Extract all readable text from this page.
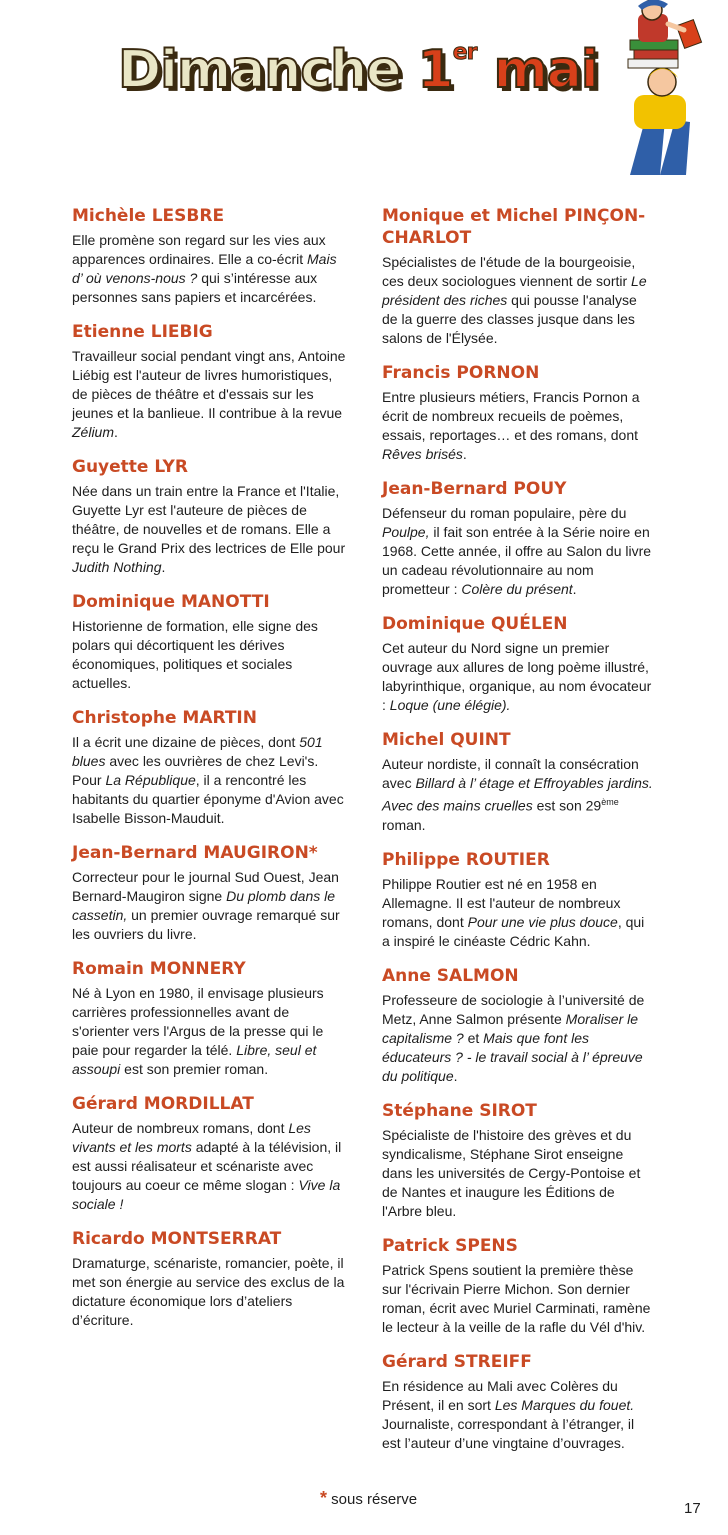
Dimanche 1er mai
Michèle LESBRE

Elle promène son regard sur les vies aux apparences ordinaires. Elle a co-écrit Mais d’ où venons-nous ? qui s’intéresse aux personnes sans papiers et incarcérées.

Etienne LIEBIG

Travailleur social pendant vingt ans, Antoine Liébig est l'auteur de livres humoristiques, de pièces de théâtre et d'essais sur les jeunes et la banlieue. Il contribue à la revue Zélium.

Guyette LYR

Née dans un train entre la France et l'Italie, Guyette Lyr est l'auteure de pièces de théâtre, de nouvelles et de romans. Elle a reçu le Grand Prix des lectrices de Elle pour Judith Nothing.

Dominique MANOTTI

Historienne de formation, elle signe des polars qui décortiquent les dérives économiques, politiques et sociales actuelles.

Christophe MARTIN

Il a écrit une dizaine de pièces, dont 501 blues avec les ouvrières de chez Levi's. Pour La République, il a rencontré les habitants du quartier éponyme d'Avion avec Isabelle Bisson-Mauduit.

Jean-Bernard MAUGIRON*

Correcteur pour le journal Sud Ouest, Jean Bernard-Maugiron signe Du plomb dans le cassetin, un premier ouvrage remarqué sur les ouvriers du livre.

Romain MONNERY

Né à Lyon en 1980, il envisage plusieurs carrières professionnelles avant de s'orienter vers l'Argus de la presse qui le paie pour regarder la télé. Libre, seul et assoupi est son premier roman.

Gérard MORDILLAT

Auteur de nombreux romans, dont Les vivants et les morts adapté à la télévision, il est aussi réalisateur et scénariste avec toujours au coeur ce même slogan : Vive la sociale !

Ricardo MONTSERRAT

Dramaturge, scénariste, romancier, poète, il met son énergie au service des exclus de la dictature économique lors d’ateliers d’écriture.

Monique et Michel PINÇON-CHARLOT

Spécialistes de l'étude de la bourgeoisie, ces deux sociologues viennent de sortir Le président des riches qui pousse l'analyse de la guerre des classes jusque dans les salons de l'Élysée.

Francis PORNON

Entre plusieurs métiers, Francis Pornon a écrit de nombreux recueils de poèmes, essais, reportages… et des romans, dont Rêves brisés.

Jean-Bernard POUY

Défenseur du roman populaire, père du Poulpe, il fait son entrée à la Série noire en 1968. Cette année, il offre au Salon du livre un cadeau révolutionnaire au nom prometteur : Colère du présent.

Dominique QUÉLEN

Cet auteur du Nord signe un premier ouvrage aux allures de long poème illustré, labyrinthique, organique, au nom évocateur : Loque (une élégie).

Michel QUINT

Auteur nordiste, il connaît la consécration avec Billard à l’ étage et Effroyables jardins. Avec des mains cruelles est son 29ème roman.

Philippe ROUTIER

Philippe Routier est né en 1958 en Allemagne. Il est l'auteur de nombreux romans, dont Pour une vie plus douce, qui a inspiré le cinéaste Cédric Kahn.

Anne SALMON

Professeure de sociologie à l’université de Metz, Anne Salmon présente Moraliser le capitalisme ? et Mais que font les éducateurs ? - le travail social à l’ épreuve du politique.

Stéphane SIROT

Spécialiste de l'histoire des grèves et du syndicalisme, Stéphane Sirot enseigne dans les universités de Cergy-Pontoise et de Nantes et inaugure les Éditions de l'Arbre bleu.

Patrick SPENS

Patrick Spens soutient la première thèse sur l'écrivain Pierre Michon. Son dernier roman, écrit avec Muriel Carminati, ramène le lecteur à la veille de la rafle du Vél d'hiv.

Gérard STREIFF

En résidence au Mali avec Colères du Présent, il en sort Les Marques du fouet. Journaliste, correspondant à l’étranger, il est l’auteur d’une vingtaine d’ouvrages.

* sous réserve
17
